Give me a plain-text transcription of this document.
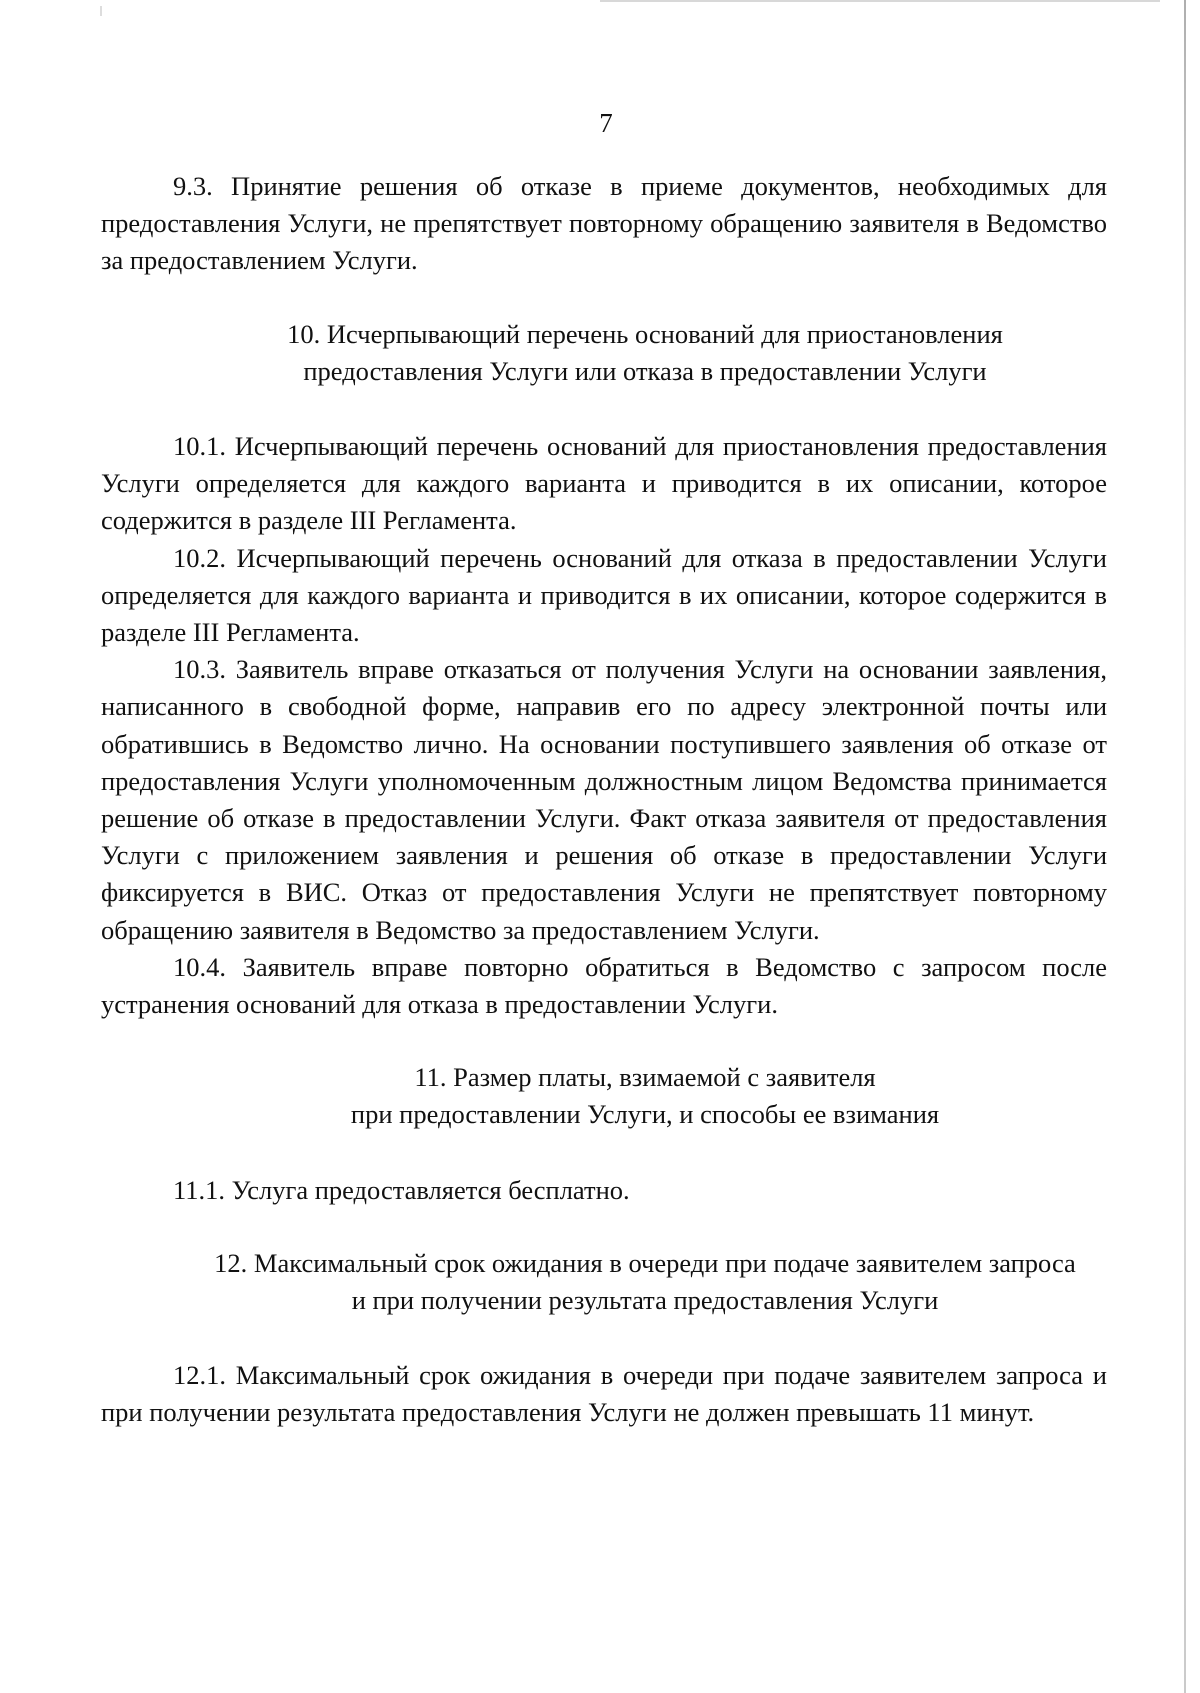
7

9.3. Принятие решения об отказе в приеме документов, необходимых для предоставления Услуги, не препятствует повторному обращению заявителя в Ведомство за предоставлением Услуги.

10. Исчерпывающий перечень оснований для приостановления
предоставления Услуги или отказа в предоставлении Услуги

10.1. Исчерпывающий перечень оснований для приостановления предоставления Услуги определяется для каждого варианта и приводится в их описании, которое содержится в разделе III Регламента.

10.2. Исчерпывающий перечень оснований для отказа в предоставлении Услуги определяется для каждого варианта и приводится в их описании, которое содержится в разделе III Регламента.

10.3. Заявитель вправе отказаться от получения Услуги на основании заявления, написанного в свободной форме, направив его по адресу электронной почты или обратившись в Ведомство лично. На основании поступившего заявления об отказе от предоставления Услуги уполномоченным должностным лицом Ведомства принимается решение об отказе в предоставлении Услуги. Факт отказа заявителя от предоставления Услуги с приложением заявления и решения об отказе в предоставлении Услуги фиксируется в ВИС. Отказ от предоставления Услуги не препятствует повторному обращению заявителя в Ведомство за предоставлением Услуги.

10.4. Заявитель вправе повторно обратиться в Ведомство с запросом после устранения оснований для отказа в предоставлении Услуги.

11. Размер платы, взимаемой с заявителя
при предоставлении Услуги, и способы ее взимания

11.1. Услуга предоставляется бесплатно.

12. Максимальный срок ожидания в очереди при подаче заявителем запроса
и при получении результата предоставления Услуги

12.1. Максимальный срок ожидания в очереди при подаче заявителем запроса и при получении результата предоставления Услуги не должен превышать 11 минут.
